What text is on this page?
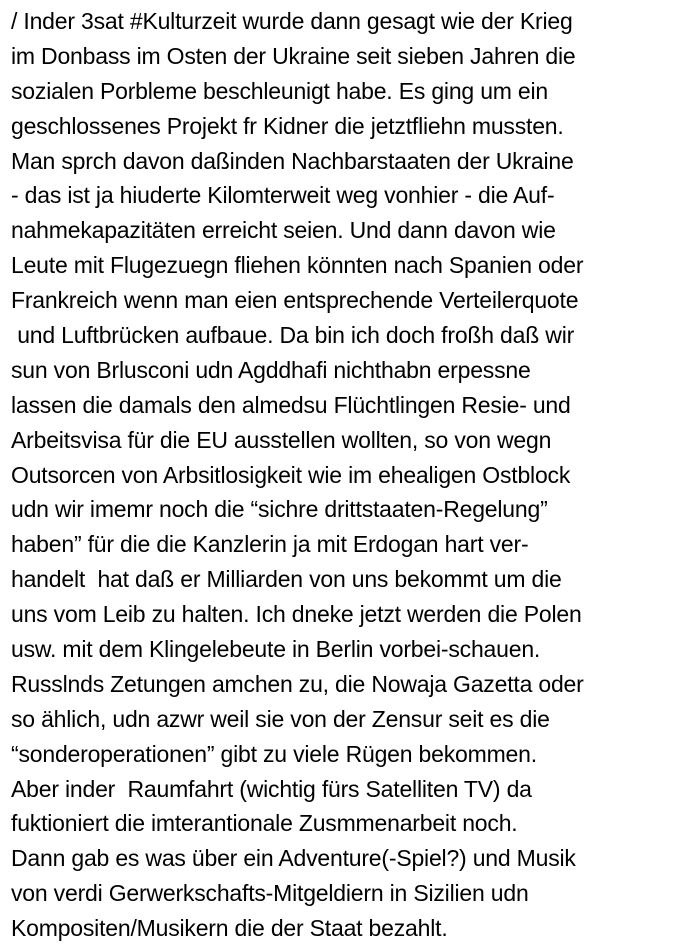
/ Inder 3sat #Kulturzeit wurde dann gesagt wie der Krieg
im Donbass im Osten der Ukraine seit sieben Jahren die
sozialen Porbleme beschleunigt habe. Es ging um ein
geschlossenes Projekt fr Kidner die jetztfliehn mussten.
Man sprch davon daßinden Nachbarstaaten der Ukraine
- das ist ja hiuderte Kilomterweit weg vonhier - die Auf-
nahmekapazitäten erreicht seien. Und dann davon wie
Leute mit Flugezuegn fliehen könnten nach Spanien oder
Frankreich wenn man eien entsprechende Verteilerquote
und Luftbrücken aufbaue. Da bin ich doch froßh daß wir
sun von Brlusconi udn Agddhafi nichthabn erpessne
lassen die damals den almedsu Flüchtlingen Resie- und
Arbeitsvisa für die EU ausstellen wollten, so von wegn
Outsorcen von Arbsitlosigkeit wie im ehealigen Ostblock
udn wir imemr noch die “sichre drittstaaten-Regelung”
haben” für die die Kanzlerin ja mit Erdogan hart ver-
handelt  hat daß er Milliarden von uns bekommt um die
uns vom Leib zu halten. Ich dneke jetzt werden die Polen
usw. mit dem Klingelebeute in Berlin vorbei-schauen.
Russlnds Zetungen amchen zu, die Nowaja Gazetta oder
so ählich, udn azwr weil sie von der Zensur seit es die
“sonderoperationen” gibt zu viele Rügen bekommen.
Aber inder  Raumfahrt (wichtig fürs Satelliten TV) da
fuktioniert die imterantionale Zusmmenarbeit noch.
Dann gab es was über ein Adventure(-Spiel?) und Musik
von verdi Gerwerkschafts-Mitgeldiern in Sizilien udn
Kompositen/Musikern die der Staat bezahlt.
